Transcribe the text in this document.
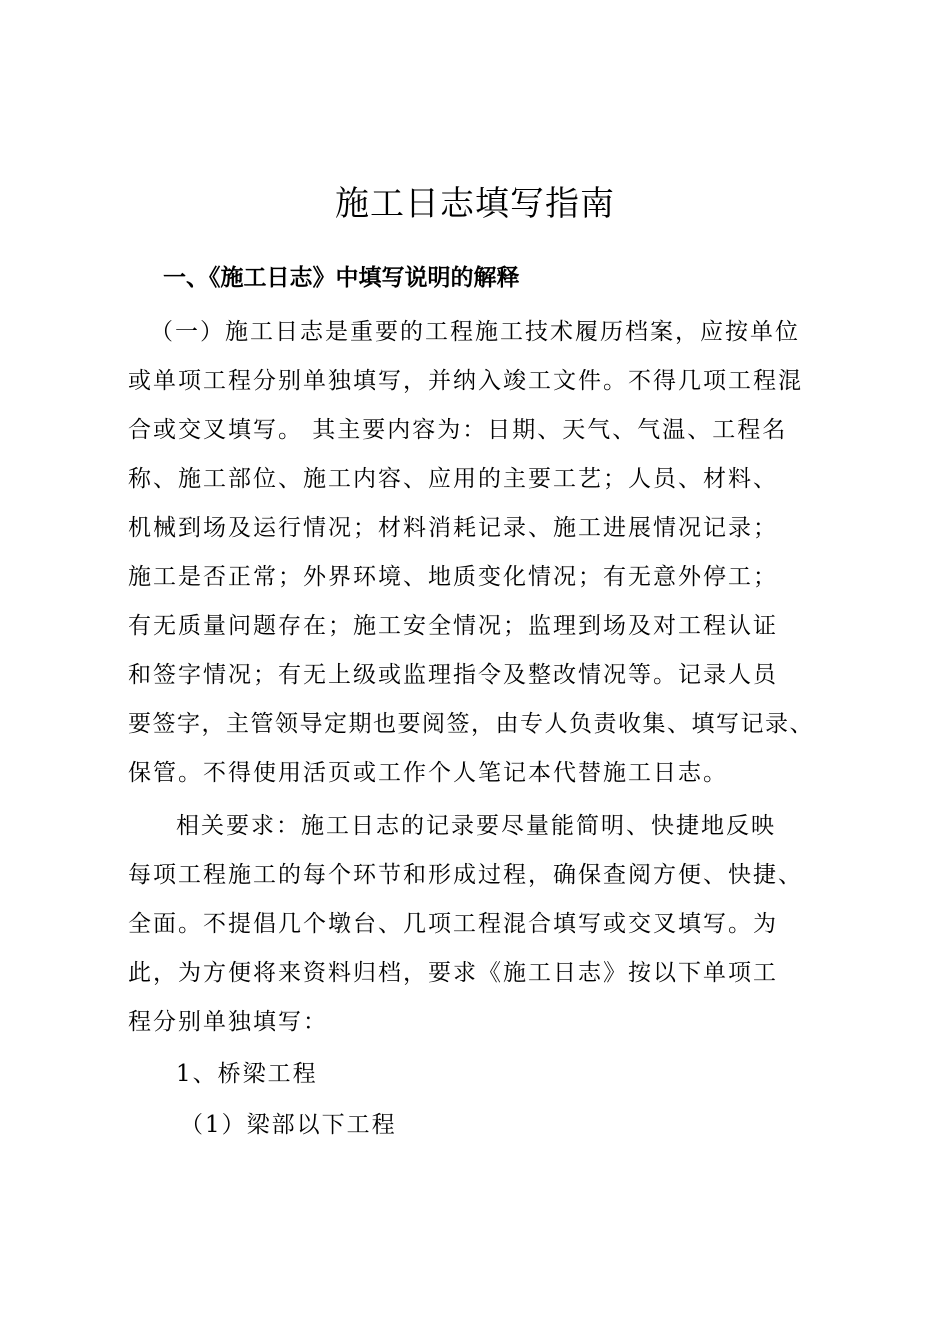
施工日志填写指南
一、《施工日志》中填写说明的解释

（一）施工日志是重要的工程施工技术履历档案，应按单位

或单项工程分别单独填写，并纳入竣工文件。不得几项工程混

合或交叉填写。 其主要内容为：日期、天气、气温、工程名

称、施工部位、施工内容、应用的主要工艺；人员、材料、

机械到场及运行情况；材料消耗记录、施工进展情况记录；

施工是否正常；外界环境、地质变化情况；有无意外停工；

有无质量问题存在；施工安全情况；监理到场及对工程认证

和签字情况；有无上级或监理指令及整改情况等。记录人员

要签字，主管领导定期也要阅签，由专人负责收集、填写记录、

保管。不得使用活页或工作个人笔记本代替施工日志。

相关要求：施工日志的记录要尽量能简明、快捷地反映

每项工程施工的每个环节和形成过程，确保查阅方便、快捷、

全面。不提倡几个墩台、几项工程混合填写或交叉填写。为

此，为方便将来资料归档，要求《施工日志》按以下单项工

程分别单独填写：

1、桥梁工程

（1）梁部以下工程
